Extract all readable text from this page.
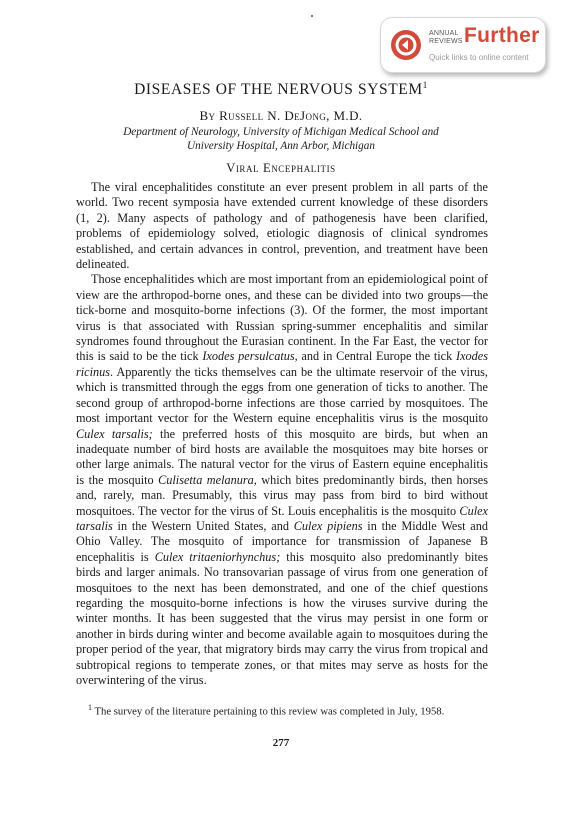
ANNUAL
REVIEWS Further
Quick links to online content
DISEASES OF THE NERVOUS SYSTEM$^1$
By Russell N. DeJong, M.D.
Department of Neurology, University of Michigan Medical School and
University Hospital, Ann Arbor, Michigan
Viral Encephalitis

The viral encephalitides constitute an ever present problem in all parts of the world. Two recent symposia have extended current knowledge of these disorders (1, 2). Many aspects of pathology and of pathogenesis have been clarified, problems of epidemiology solved, etiologic diagnosis of clinical syndromes established, and certain advances in control, prevention, and treatment have been delineated.

Those encephalitides which are most important from an epidemiological point of view are the arthropod-borne ones, and these can be divided into two groups—the tick-borne and mosquito-borne infections (3). Of the former, the most important virus is that associated with Russian spring-summer encephalitis and similar syndromes found throughout the Eurasian continent. In the Far East, the vector for this is said to be the tick Ixodes persulcatus, and in Central Europe the tick Ixodes ricinus. Apparently the ticks themselves can be the ultimate reservoir of the virus, which is transmitted through the eggs from one generation of ticks to another. The second group of arthropod-borne infections are those carried by mosquitoes. The most important vector for the Western equine encephalitis virus is the mosquito Culex tarsalis; the preferred hosts of this mosquito are birds, but when an inadequate number of bird hosts are available the mosquitoes may bite horses or other large animals. The natural vector for the virus of Eastern equine encephalitis is the mosquito Culisetta melanura, which bites predominantly birds, then horses and, rarely, man. Presumably, this virus may pass from bird to bird without mosquitoes. The vector for the virus of St. Louis encephalitis is the mosquito Culex tarsalis in the Western United States, and Culex pipiens in the Middle West and Ohio Valley. The mosquito of importance for transmission of Japanese B encephalitis is Culex tritaeniorhynchus; this mosquito also predominantly bites birds and larger animals. No transovarian passage of virus from one generation of mosquitoes to the next has been demonstrated, and one of the chief questions regarding the mosquito-borne infections is how the viruses survive during the winter months. It has been suggested that the virus may persist in one form or another in birds during winter and become available again to mosquitoes during the proper period of the year, that migratory birds may carry the virus from tropical and subtropical regions to temperate zones, or that mites may serve as hosts for the overwintering of the virus.

$^1$ The survey of the literature pertaining to this review was completed in July, 1958.

277
